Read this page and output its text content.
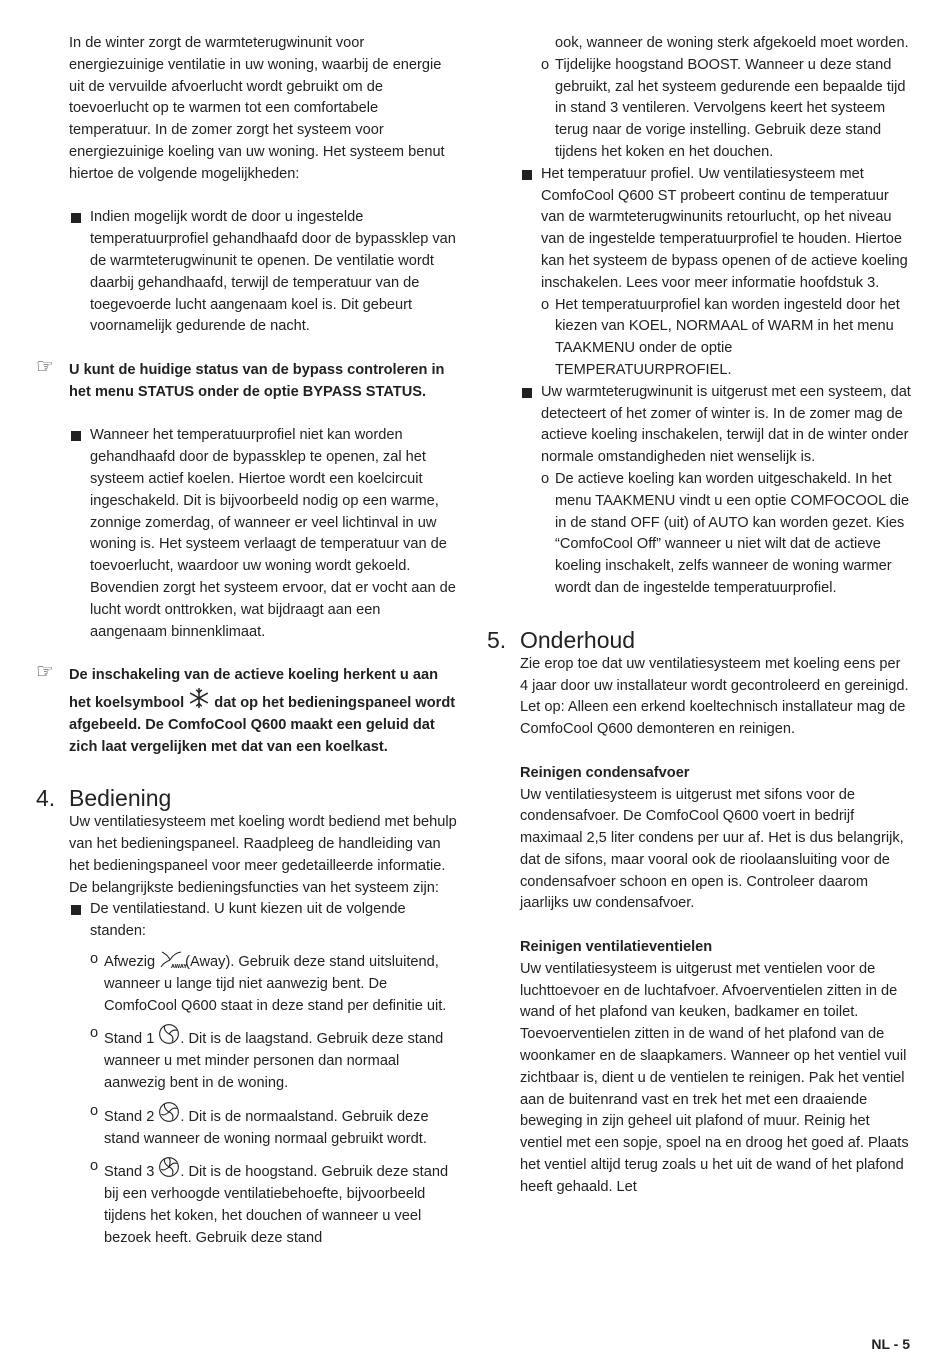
In de winter zorgt de warmteterugwinunit voor energiezuinige ventilatie in uw woning, waarbij de energie uit de vervuilde afvoerlucht wordt gebruikt om de toevoerlucht op te warmen tot een comfortabele temperatuur. In de zomer zorgt het systeem voor energiezuinige koeling van uw woning. Het systeem benut hiertoe de volgende mogelijkheden:

Indien mogelijk wordt de door u ingestelde temperatuurprofiel gehandhaafd door de bypassklep van de warmteterugwinunit te openen. De ventilatie wordt daarbij gehandhaafd, terwijl de temperatuur van de toegevoerde lucht aangenaam koel is. Dit gebeurt voornamelijk gedurende de nacht.

☞ U kunt de huidige status van de bypass controleren in het menu STATUS onder de optie BYPASS STATUS.

Wanneer het temperatuurprofiel niet kan worden gehandhaafd door de bypassklep te openen, zal het systeem actief koelen. Hiertoe wordt een koelcircuit ingeschakeld. Dit is bijvoorbeeld nodig op een warme, zonnige zomerdag, of wanneer er veel lichtinval in uw woning is. Het systeem verlaagt de temperatuur van de toevoerlucht, waardoor uw woning wordt gekoeld. Bovendien zorgt het systeem ervoor, dat er vocht aan de lucht wordt onttrokken, wat bijdraagt aan een aangenaam binnenklimaat.

☞ De inschakeling van de actieve koeling herkent u aan het koelsymbool dat op het bedieningspaneel wordt afgebeeld. De ComfoCool Q600 maakt een geluid dat zich laat vergelijken met dat van een koelkast.

4. Bediening

Uw ventilatiesysteem met koeling wordt bediend met behulp van het bedieningspaneel. Raadpleeg de handleiding van het bedieningspaneel voor meer gedetailleerde informatie. De belangrijkste bedieningsfuncties van het systeem zijn:

De ventilatiestand. U kunt kiezen uit de volgende standen:

o Afwezig	AWAY
(Away). Gebruik deze stand uitsluitend, wanneer u lange tijd niet aanwezig bent. De ComfoCool Q600 staat in deze stand per definitie uit.

o Stand 1 . Dit is de laagstand. Gebruik deze stand wanneer u met minder personen dan normaal aanwezig bent in de woning.

o Stand 2 . Dit is de normaalstand. Gebruik deze stand wanneer de woning normaal gebruikt wordt.

o Stand 3 . Dit is de hoogstand. Gebruik deze stand bij een verhoogde ventilatiebehoefte, bijvoorbeeld tijdens het koken, het douchen of wanneer u veel bezoek heeft. Gebruik deze stand

ook, wanneer de woning sterk afgekoeld moet worden.

o Tijdelijke hoogstand BOOST. Wanneer u deze stand gebruikt, zal het systeem gedurende een bepaalde tijd in stand 3 ventileren. Vervolgens keert het systeem terug naar de vorige instelling. Gebruik deze stand tijdens het koken en het douchen.

Het temperatuur profiel. Uw ventilatiesysteem met ComfoCool Q600 ST probeert continu de temperatuur van de warmteterugwinunits retourlucht, op het niveau van de ingestelde temperatuurprofiel te houden. Hiertoe kan het systeem de bypass openen of de actieve koeling inschakelen. Lees voor meer informatie hoofdstuk 3.

o Het temperatuurprofiel kan worden ingesteld door het kiezen van KOEL, NORMAAL of WARM in het menu TAAKMENU onder de optie TEMPERATUURPROFIEL.

Uw warmteterugwinunit is uitgerust met een systeem, dat detecteert of het zomer of winter is. In de zomer mag de actieve koeling inschakelen, terwijl dat in de winter onder normale omstandigheden niet wenselijk is.

o De actieve koeling kan worden uitgeschakeld. In het menu TAAKMENU vindt u een optie COMFOCOOL die in de stand OFF (uit) of AUTO kan worden gezet. Kies “ComfoCool Off” wanneer u niet wilt dat de actieve koeling inschakelt, zelfs wanneer de woning warmer wordt dan de ingestelde temperatuurprofiel.

5. Onderhoud

Zie erop toe dat uw ventilatiesysteem met koeling eens per 4 jaar door uw installateur wordt gecontroleerd en gereinigd. Let op: Alleen een erkend koeltechnisch installateur mag de ComfoCool Q600 demonteren en reinigen.

Reinigen condensafvoer

Uw ventilatiesysteem is uitgerust met sifons voor de condensafvoer. De ComfoCool Q600 voert in bedrijf maximaal 2,5 liter condens per uur af. Het is dus belangrijk, dat de sifons, maar vooral ook de rioolaansluiting voor de condensafvoer schoon en open is. Controleer daarom jaarlijks uw condensafvoer.

Reinigen ventilatieventielen

Uw ventilatiesysteem is uitgerust met ventielen voor de luchttoevoer en de luchtafvoer. Afvoerventielen zitten in de wand of het plafond van keuken, badkamer en toilet. Toevoerventielen zitten in de wand of het plafond van de woonkamer en de slaapkamers. Wanneer op het ventiel vuil zichtbaar is, dient u de ventielen te reinigen. Pak het ventiel aan de buitenrand vast en trek het met een draaiende beweging in zijn geheel uit plafond of muur. Reinig het ventiel met een sopje, spoel na en droog het goed af. Plaats het ventiel altijd terug zoals u het uit de wand of het plafond heeft gehaald. Let

NL - 5
